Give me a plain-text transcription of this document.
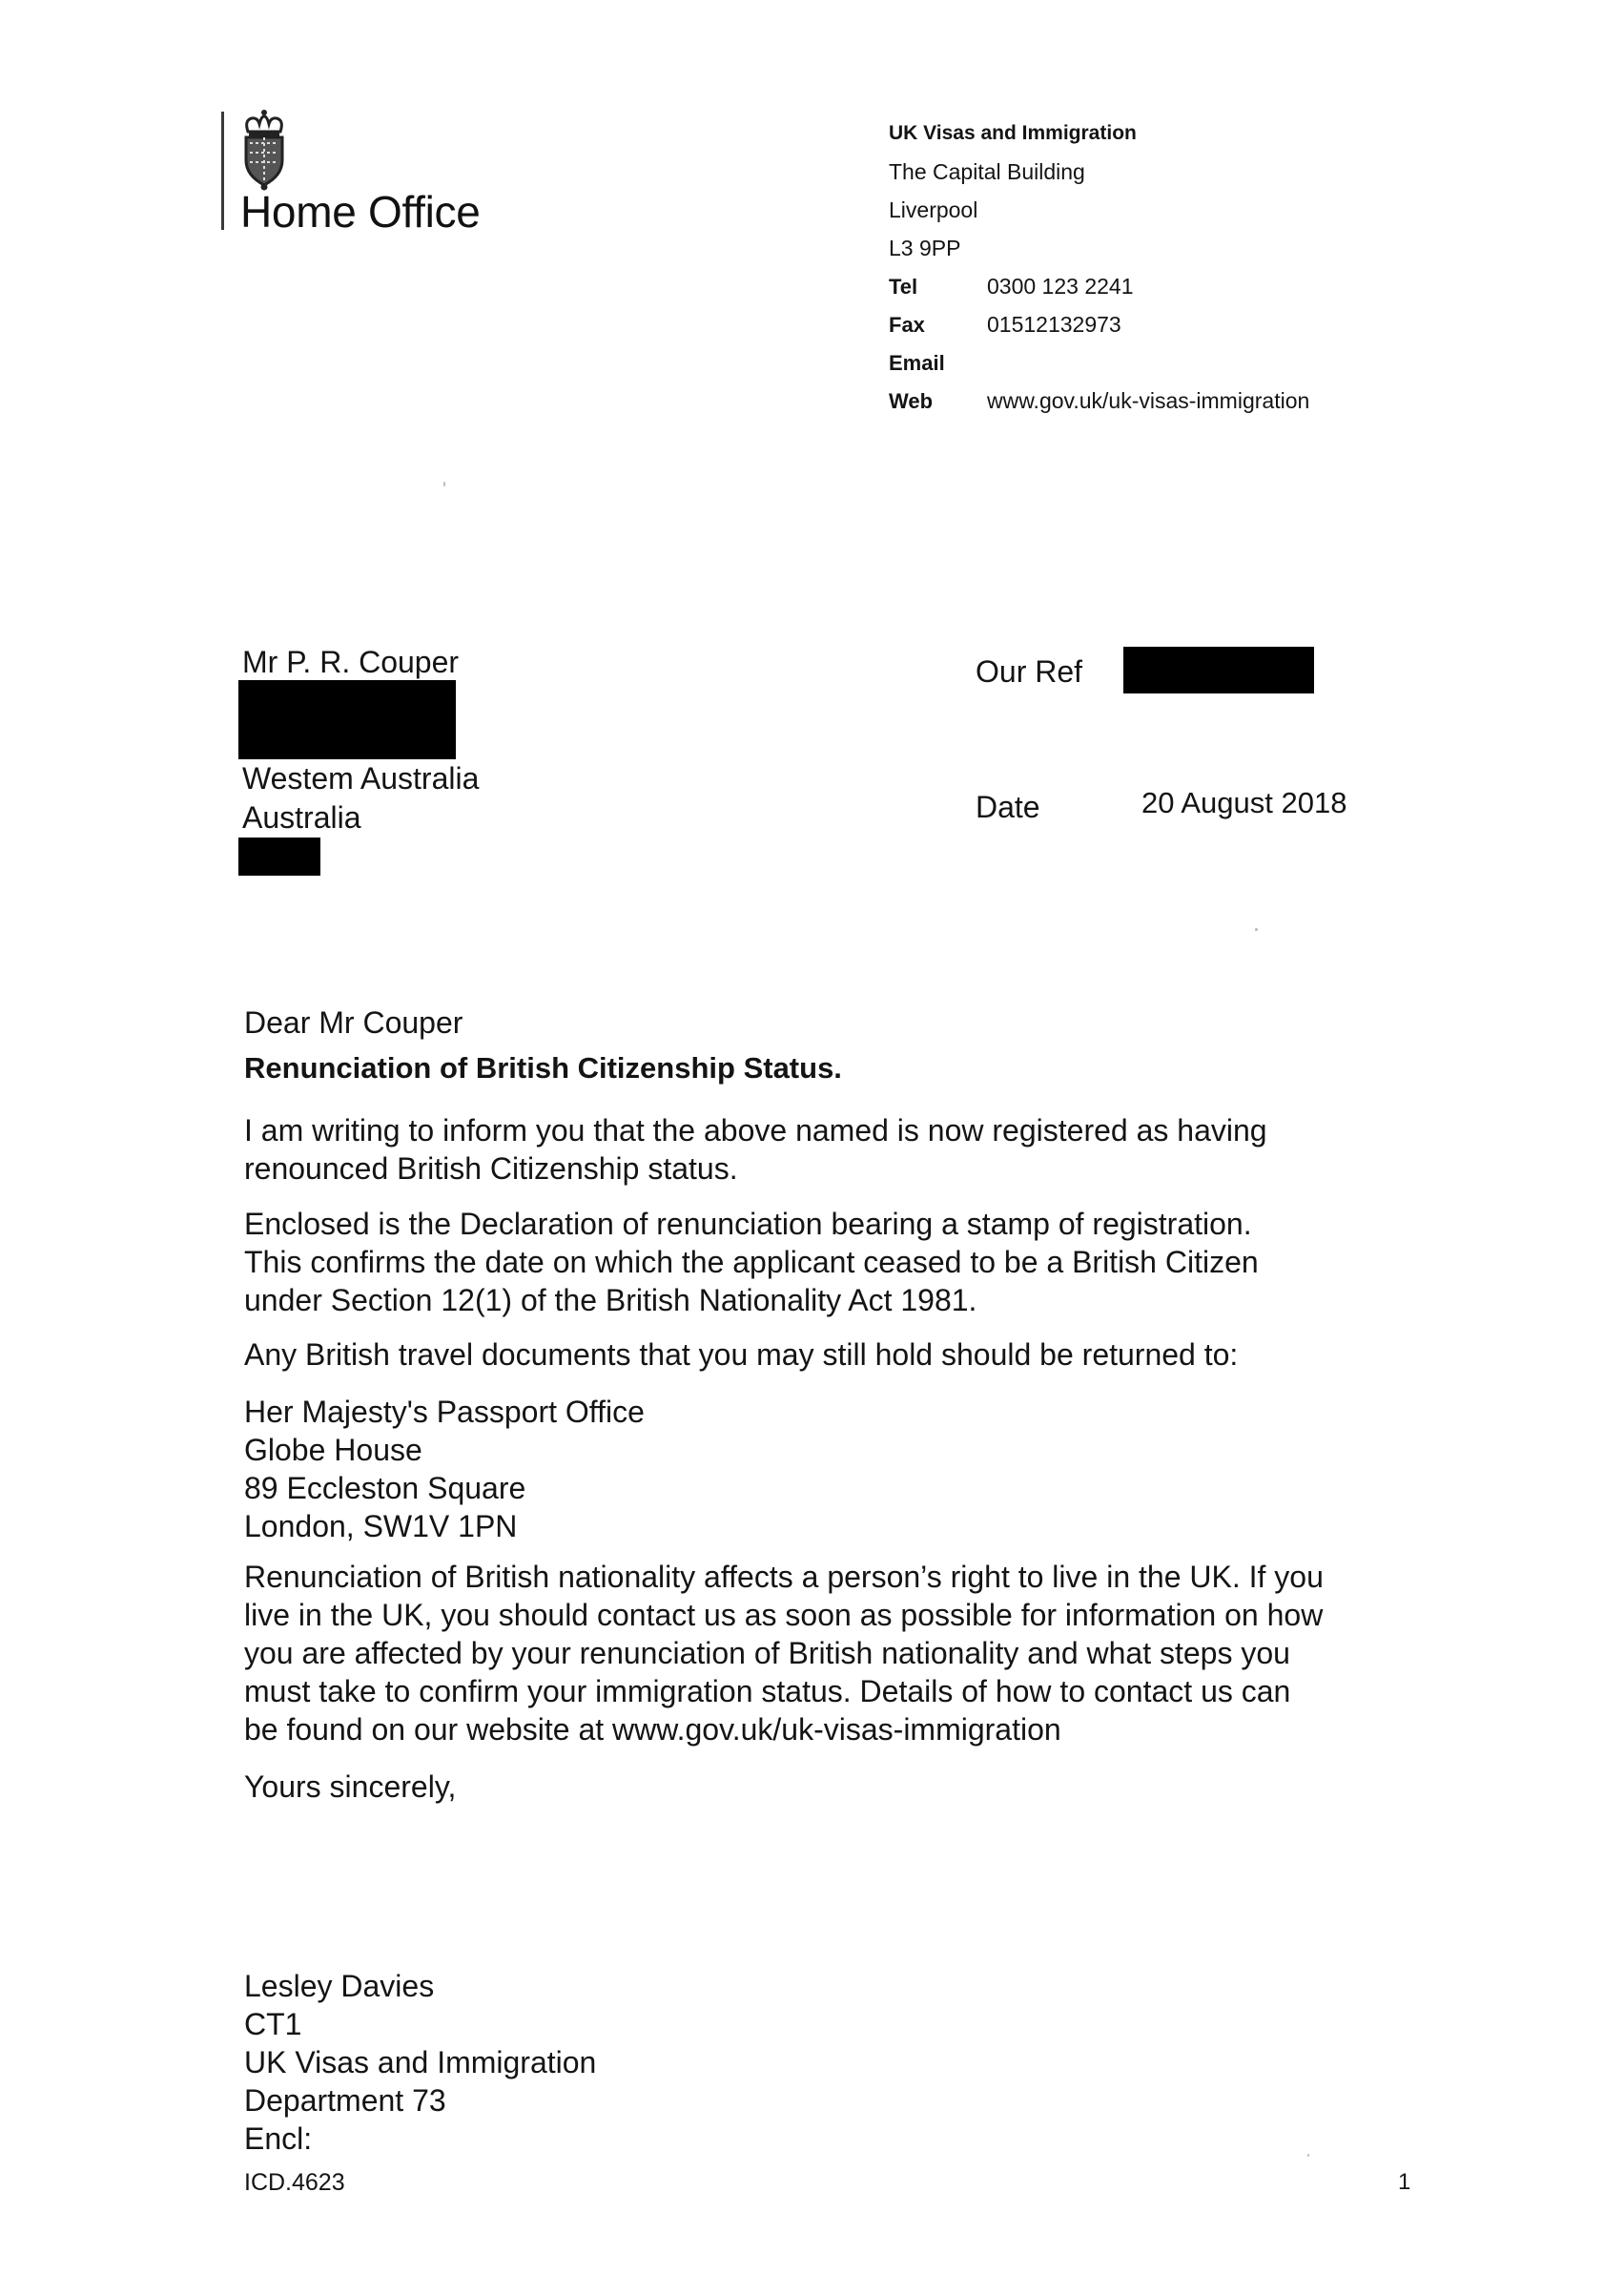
Home Office
UK Visas and Immigration
The Capital Building
Liverpool
L3 9PP
Tel	0300 123 2241
Fax	01512132973
Email
Web www.gov.uk/uk-visas-immigration
Mr P. R. Couper
Westem Australia
Australia
Our Ref
Date	20 August 2018
Dear Mr Couper
Renunciation of British Citizenship Status.
I am writing to inform you that the above named is now registered as having
renounced British Citizenship status.
Enclosed is the Declaration of renunciation bearing a stamp of registration.
This confirms the date on which the applicant ceased to be a British Citizen
under Section 12(1) of the British Nationality Act 1981.
Any British travel documents that you may still hold should be returned to:
Her Majesty's Passport Office
Globe House
89 Eccleston Square
London, SW1V 1PN
Renunciation of British nationality affects a person’s right to live in the UK. If you
live in the UK, you should contact us as soon as possible for information on how
you are affected by your renunciation of British nationality and what steps you
must take to confirm your immigration status. Details of how to contact us can
be found on our website at www.gov.uk/uk-visas-immigration
Yours sincerely,
Lesley Davies
CT1
UK Visas and Immigration
Department 73
Encl:
ICD.4623	1
